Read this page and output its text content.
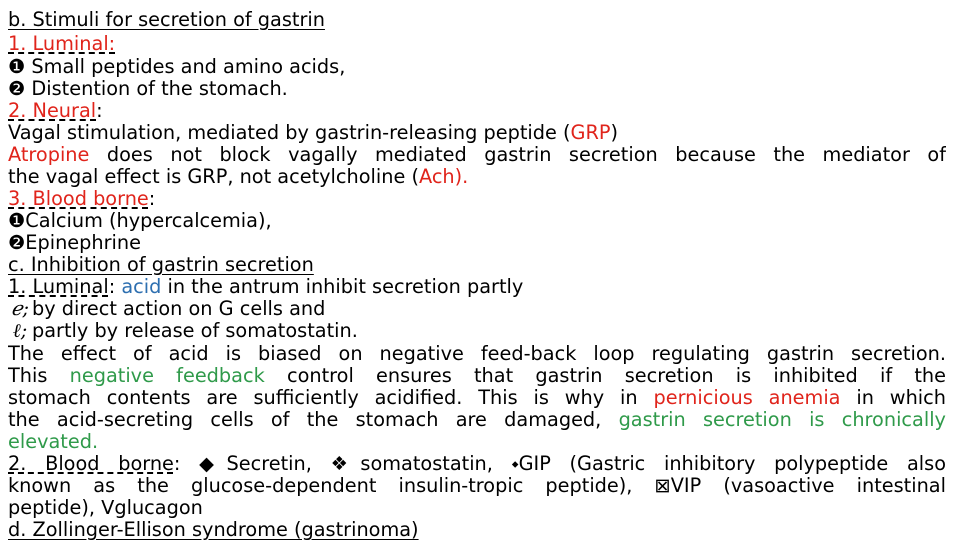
b. Stimuli for secretion of gastrin
1. Luminal:
❶ Small peptides and amino acids,
❷ Distention of the stomach.
2. Neural:
Vagal stimulation, mediated by gastrin-releasing peptide (GRP)
Atropine does not block vagally mediated gastrin secretion because the mediator of
the vagal effect is GRP, not acetylcholine (Ach).
3. Blood borne:
❶Calcium (hypercalcemia),
❷Epinephrine
c. Inhibition of gastrin secretion
1. Luminal: acid in the antrum inhibit secretion partly
ℯ; by direct action on G cells and
ℓ; partly by release of somatostatin.
The effect of acid is biased on negative feed-back loop regulating gastrin secretion.
This negative feedback control ensures that gastrin secretion is inhibited if the
stomach contents are sufficiently acidified. This is why in pernicious anemia in which
the acid-secreting cells of the stomach are damaged, gastrin secretion is chronically
elevated.
2. Blood borne: ◆Secretin, ❖somatostatin, ⬩GIP (Gastric inhibitory polypeptide also
known as the glucose-dependent insulin-tropic peptide), ⊠VIP (vasoactive intestinal
peptide), ⴸglucagon
d. Zollinger-Ellison syndrome (gastrinoma)
